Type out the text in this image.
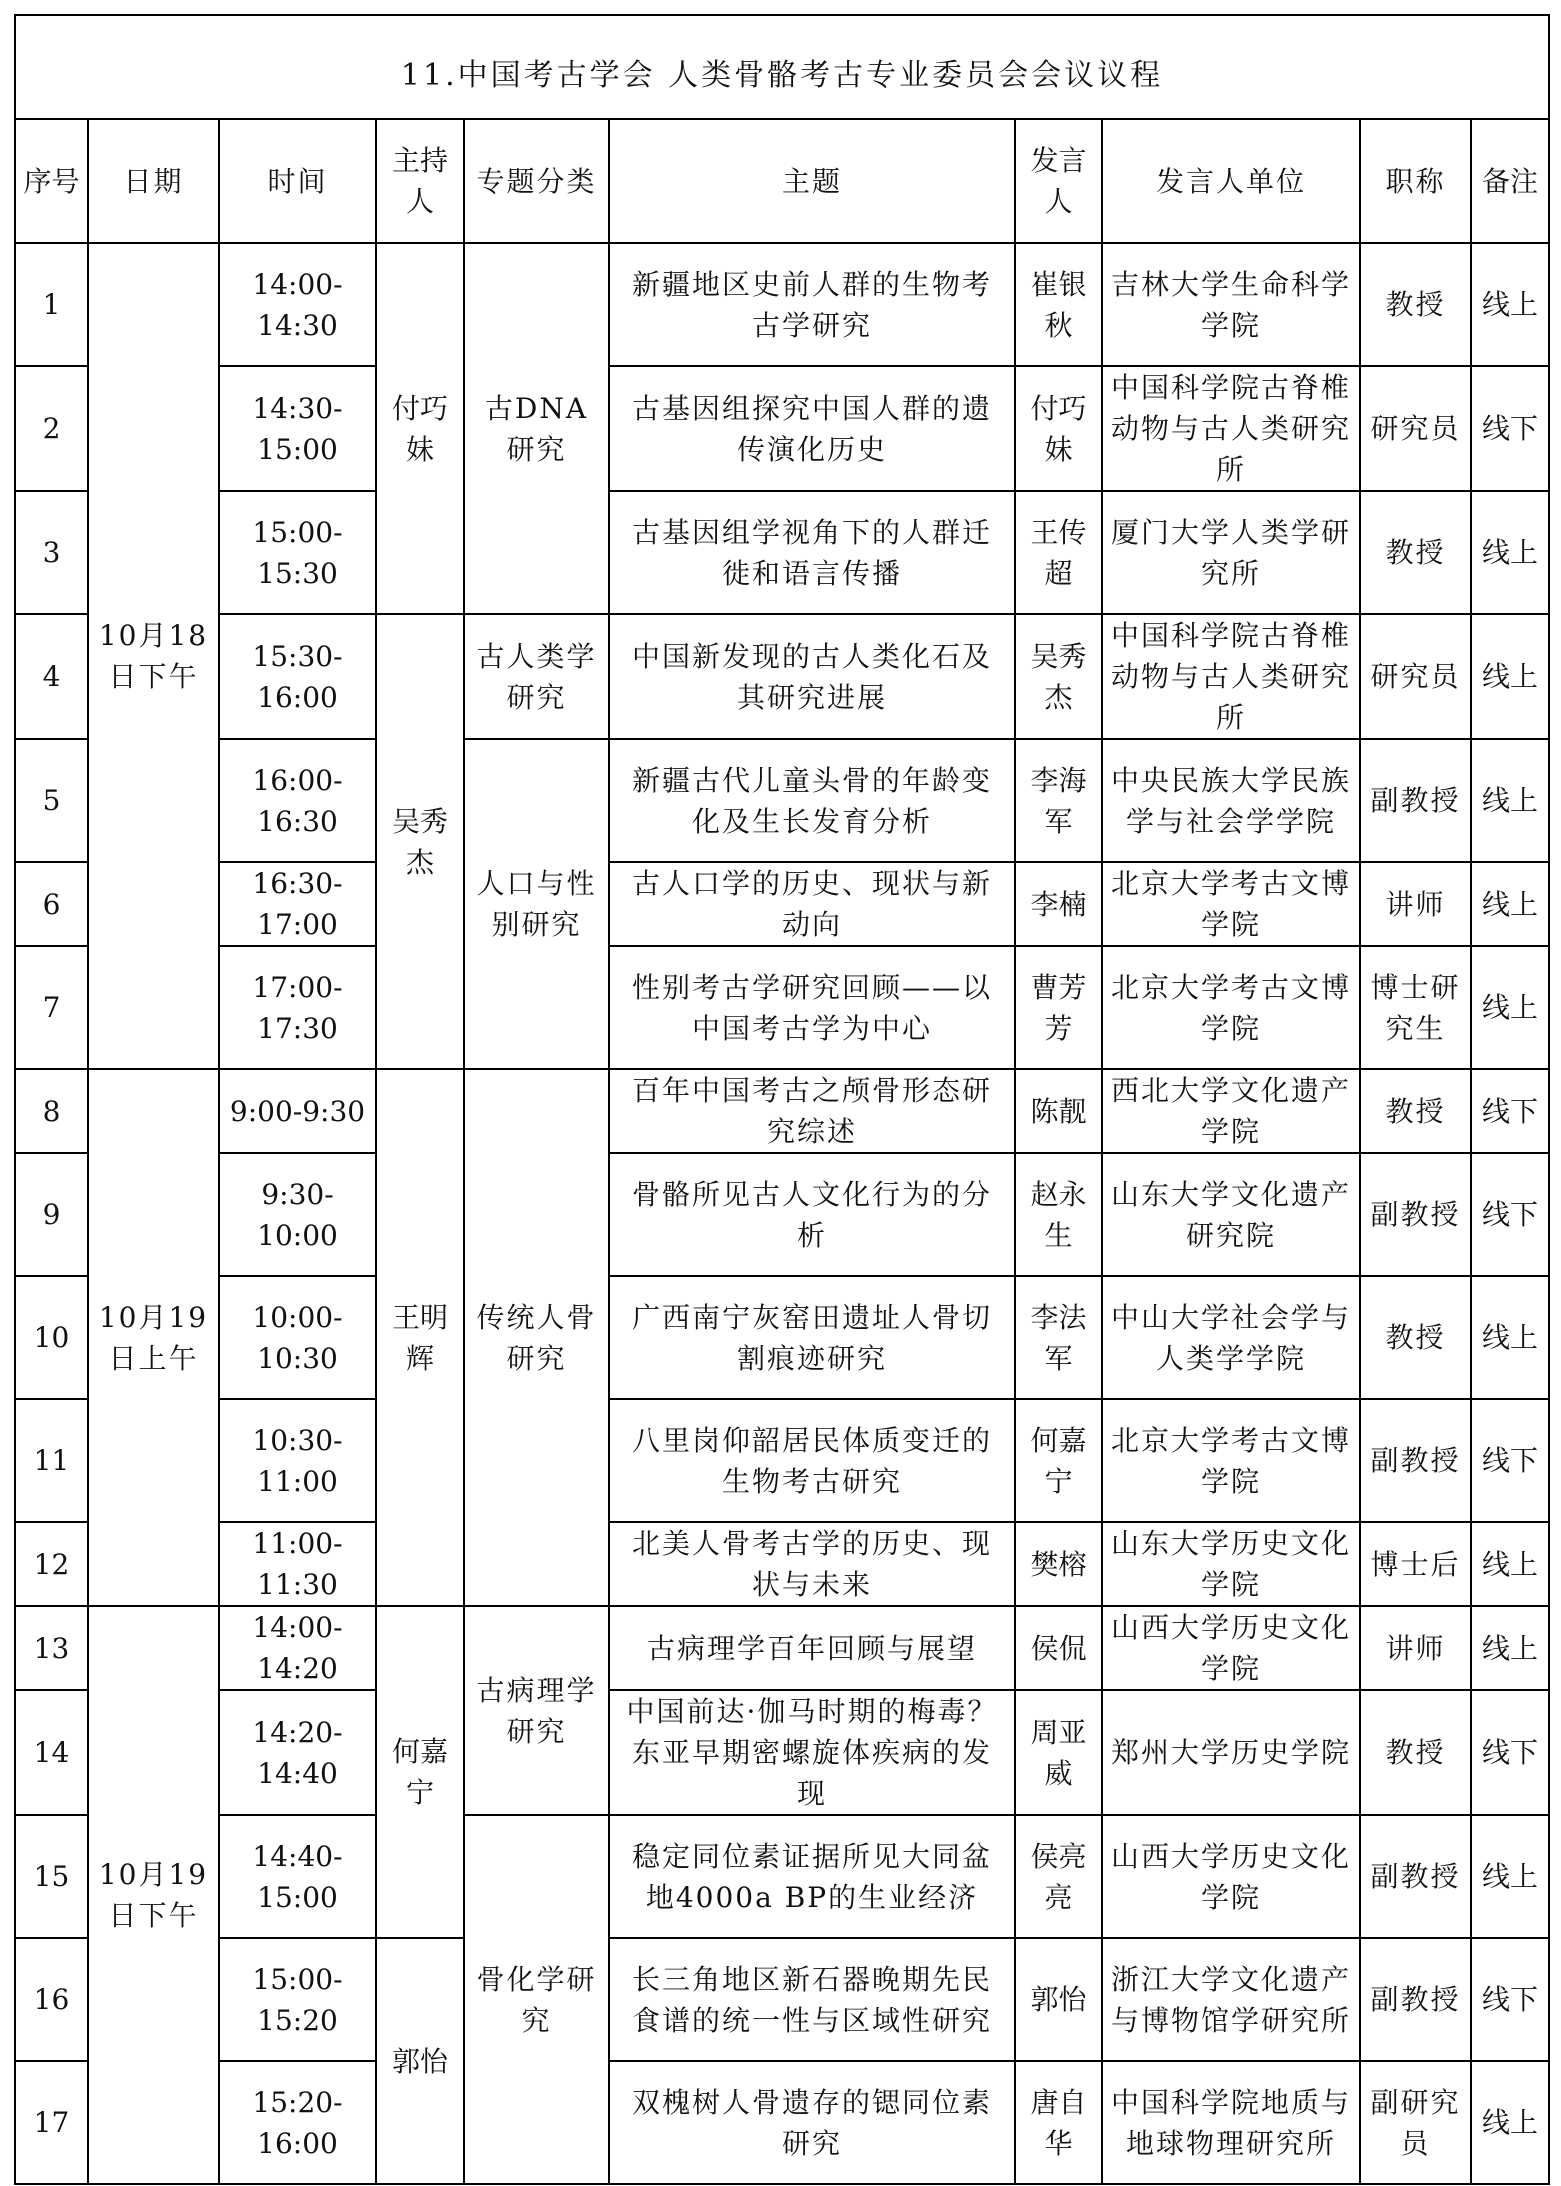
11.中国考古学会 人类骨骼考古专业委员会会议议程									
序号	日期	时间	主持人	专题分类	主题	发言人	发言人单位	职称	备注
1	10月18日下午	14:00-14:30	付巧妹	古DNA研究	新疆地区史前人群的生物考古学研究	崔银秋	吉林大学生命科学学院	教授	线上
2		14:30-15:00			古基因组探究中国人群的遗传演化历史	付巧妹	中国科学院古脊椎动物与古人类研究所	研究员	线下
3		15:00-15:30			古基因组学视角下的人群迁徙和语言传播	王传超	厦门大学人类学研究所	教授	线上
4		15:30-16:00	吴秀杰	古人类学研究	中国新发现的古人类化石及其研究进展	吴秀杰	中国科学院古脊椎动物与古人类研究所	研究员	线上
5		16:00-16:30		人口与性别研究	新疆古代儿童头骨的年龄变化及生长发育分析	李海军	中央民族大学民族学与社会学学院	副教授	线上
6		16:30-17:00			古人口学的历史、现状与新动向	李楠	北京大学考古文博学院	讲师	线上
7		17:00-17:30			性别考古学研究回顾——以中国考古学为中心	曹芳芳	北京大学考古文博学院	博士研究生	线上
8	10月19日上午	9:00-9:30	王明辉	传统人骨研究	百年中国考古之颅骨形态研究综述	陈靓	西北大学文化遗产学院	教授	线下
9		9:30-10:00			骨骼所见古人文化行为的分析	赵永生	山东大学文化遗产研究院	副教授	线下
10		10:00-10:30			广西南宁灰窑田遗址人骨切割痕迹研究	李法军	中山大学社会学与人类学学院	教授	线上
11		10:30-11:00			八里岗仰韶居民体质变迁的生物考古研究	何嘉宁	北京大学考古文博学院	副教授	线下
12		11:00-11:30			北美人骨考古学的历史、现状与未来	樊榕	山东大学历史文化学院	博士后	线上
13	10月19日下午	14:00-14:20	何嘉宁	古病理学研究	古病理学百年回顾与展望	侯侃	山西大学历史文化学院	讲师	线上
14		14:20-14:40			中国前达·伽马时期的梅毒？东亚早期密螺旋体疾病的发现	周亚威	郑州大学历史学院	教授	线下
15		14:40-15:00		骨化学研究	稳定同位素证据所见大同盆地4000a BP的生业经济	侯亮亮	山西大学历史文化学院	副教授	线上
16		15:00-15:20	郭怡		长三角地区新石器晚期先民食谱的统一性与区域性研究	郭怡	浙江大学文化遗产与博物馆学研究所	副教授	线下
17		15:20-16:00			双槐树人骨遗存的锶同位素研究	唐自华	中国科学院地质与地球物理研究所	副研究员	线上
